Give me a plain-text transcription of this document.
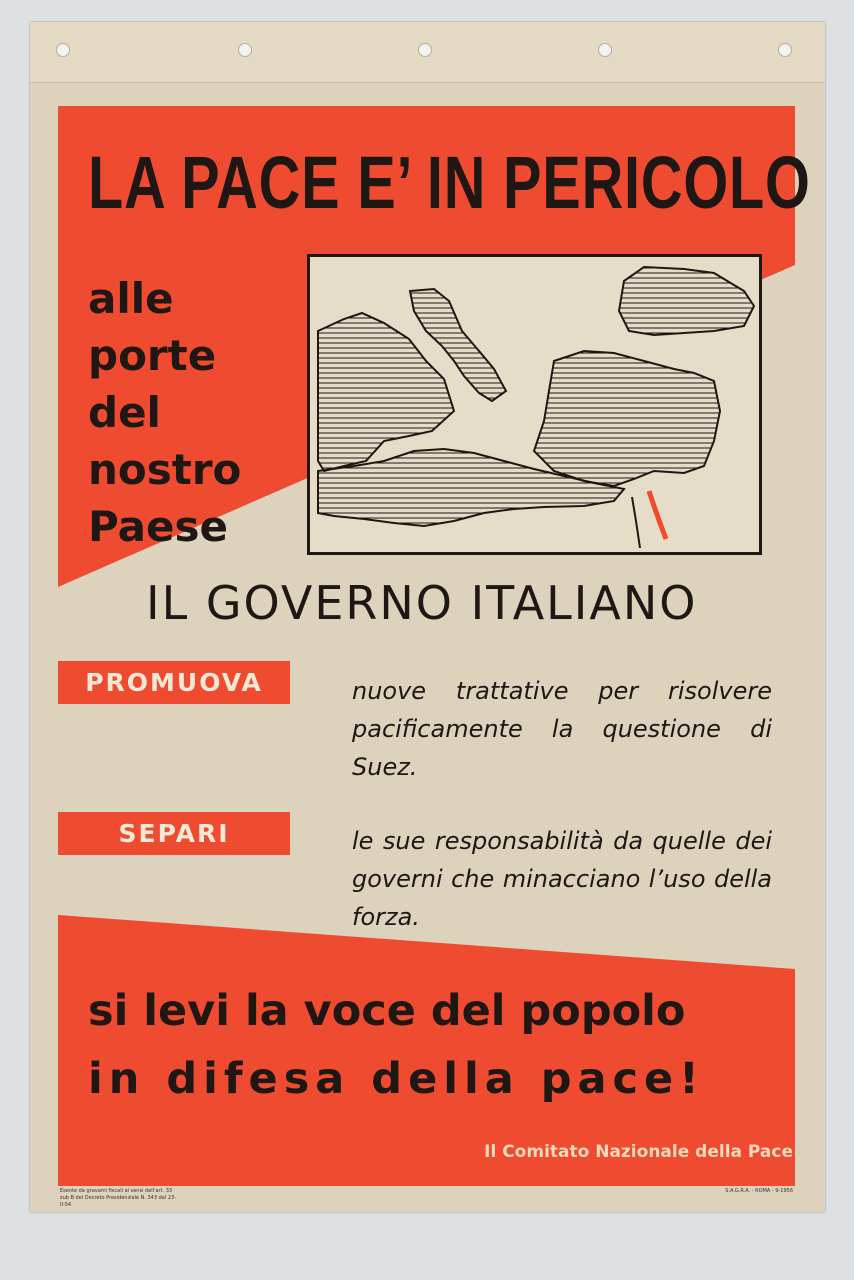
LA PACE E’ IN PERICOLO
alle
porte
del
nostro
Paese
IL GOVERNO ITALIANO
PROMUOVA	nuove trattative per risolvere pacificamente la questione di Suez.
SEPARI	le sue responsabilità da quelle dei governi che minacciano l’uso della forza.
si levi la voce del popolo
in difesa della pace!
Il Comitato Nazionale della Pace
Esente da gravami fiscali ai sensi dell'art. 33 sub B del Decreto Presidenziale N. 343 del 23-II-54
S.A.G.R.A. - ROMA - 9-1956
